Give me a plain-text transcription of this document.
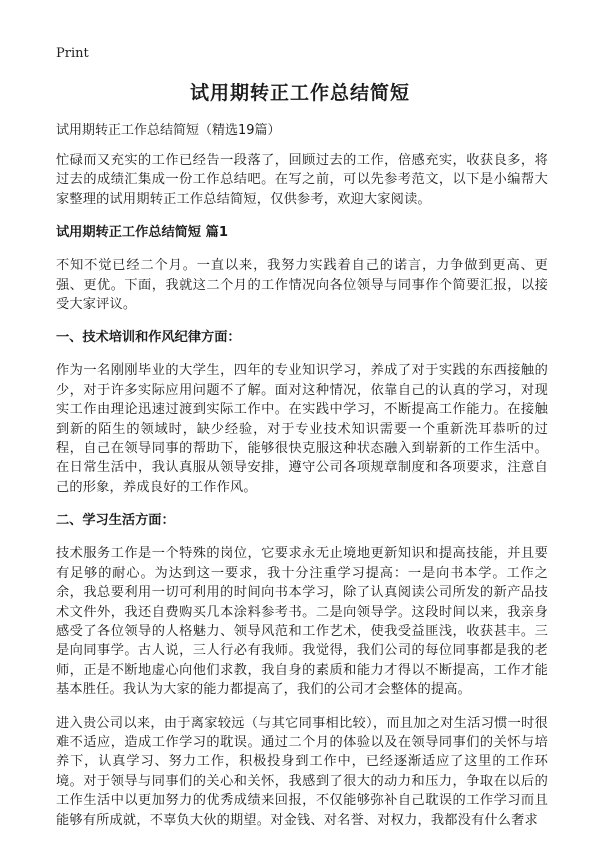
Print
试用期转正工作总结简短
试用期转正工作总结简短（精选19篇）

忙碌而又充实的工作已经告一段落了，回顾过去的工作，倍感充实，收获良多，将过去的成绩汇集成一份工作总结吧。在写之前，可以先参考范文，以下是小编帮大家整理的试用期转正工作总结简短，仅供参考，欢迎大家阅读。

试用期转正工作总结简短 篇1

不知不觉已经二个月。一直以来，我努力实践着自己的诺言，力争做到更高、更强、更优。下面，我就这二个月的工作情况向各位领导与同事作个简要汇报，以接受大家评议。

一、技术培训和作风纪律方面：

作为一名刚刚毕业的大学生，四年的专业知识学习，养成了对于实践的东西接触的少，对于许多实际应用问题不了解。面对这种情况，依靠自己的认真的学习，对现实工作由理论迅速过渡到实际工作中。在实践中学习，不断提高工作能力。在接触到新的陌生的领域时，缺少经验，对于专业技术知识需要一个重新洗耳恭听的过程，自己在领导同事的帮助下，能够很快克服这种状态融入到崭新的工作生活中。在日常生活中，我认真服从领导安排，遵守公司各项规章制度和各项要求，注意自己的形象，养成良好的工作作风。

二、学习生活方面：

技术服务工作是一个特殊的岗位，它要求永无止境地更新知识和提高技能，并且要有足够的耐心。为达到这一要求，我十分注重学习提高：一是向书本学。工作之余，我总要利用一切可利用的时间向书本学习，除了认真阅读公司所发的新产品技术文件外，我还自费购买几本涂料参考书。二是向领导学。这段时间以来，我亲身感受了各位领导的人格魅力、领导风范和工作艺术，使我受益匪浅，收获甚丰。三是向同事学。古人说，三人行必有我师。我觉得，我们公司的每位同事都是我的老师，正是不断地虚心向他们求教，我自身的素质和能力才得以不断提高，工作才能基本胜任。我认为大家的能力都提高了，我们的公司才会整体的提高。

进入贵公司以来，由于离家较远（与其它同事相比较），而且加之对生活习惯一时很难不适应，造成工作学习的耽误。通过二个月的体验以及在领导同事们的关怀与培养下，认真学习、努力工作，积极投身到工作中，已经逐渐适应了这里的工作环境。对于领导与同事们的关心和关怀，我感到了很大的动力和压力，争取在以后的工作生活中以更加努力的优秀成绩来回报，不仅能够弥补自己耽误的工作学习而且能够有所成就，不辜负大伙的期望。对金钱、对名誉、对权力，我都没有什么奢求
